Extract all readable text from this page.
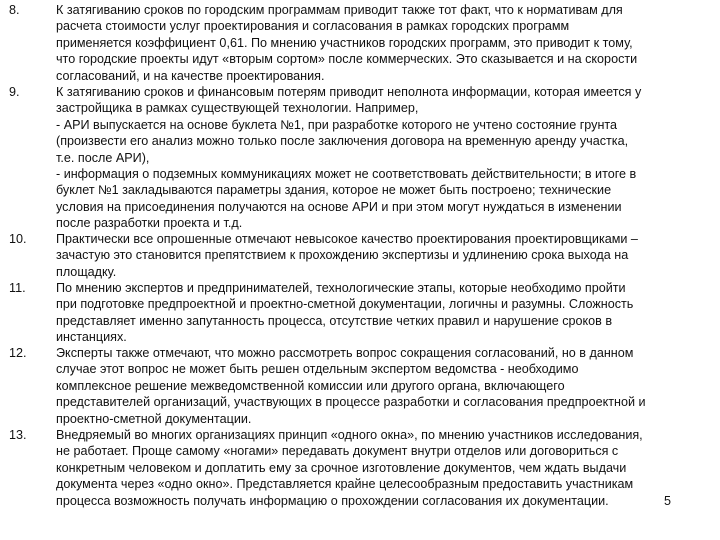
8.	К затягиванию сроков по городским программам приводит также тот факт, что к нормативам для
расчета стоимости услуг проектирования и согласования в рамках городских программ
применяется коэффициент 0,61. По мнению участников городских программ, это приводит к тому,
что городские проекты идут «вторым сортом» после коммерческих. Это сказывается и на скорости
согласований, и на качестве проектирования.
9.	К затягиванию сроков и финансовым потерям приводит неполнота информации, которая имеется у
застройщика в рамках существующей технологии. Например,
- АРИ выпускается на основе буклета №1, при разработке которого не учтено состояние грунта
(произвести его анализ можно только после заключения договора на временную аренду участка,
т.е. после АРИ),
- информация о подземных коммуникациях может не соответствовать действительности; в итоге в
буклет №1 закладываются параметры здания, которое не может быть построено; технические
условия на присоединения получаются на основе АРИ и при этом могут нуждаться в изменении
после разработки проекта и т.д.
10. Практически все опрошенные отмечают невысокое качество проектирования проектировщиками –
зачастую это становится препятствием к прохождению экспертизы и удлинению срока выхода на
площадку.
11. По мнению экспертов и предпринимателей, технологические этапы, которые необходимо пройти
при подготовке предпроектной и проектно-сметной документации, логичны и разумны. Сложность
представляет именно запутанность процесса, отсутствие четких правил и нарушение сроков в
инстанциях.
12. Эксперты также отмечают, что можно рассмотреть вопрос сокращения согласований, но в данном
случае этот вопрос не может быть решен отдельным экспертом ведомства - необходимо
комплексное решение межведомственной комиссии или другого органа, включающего
представителей организаций, участвующих в процессе разработки и согласования предпроектной и
проектно-сметной документации.
13. Внедряемый во многих организациях принцип «одного окна», по мнению участников исследования,
не работает. Проще самому «ногами» передавать документ внутри отделов или договориться с
конкретным человеком и доплатить ему за срочное изготовление документов, чем ждать выдачи
документа через «одно окно». Представляется крайне целесообразным предоставить участникам
процесса возможность получать информацию о прохождении согласования их документации.	5
